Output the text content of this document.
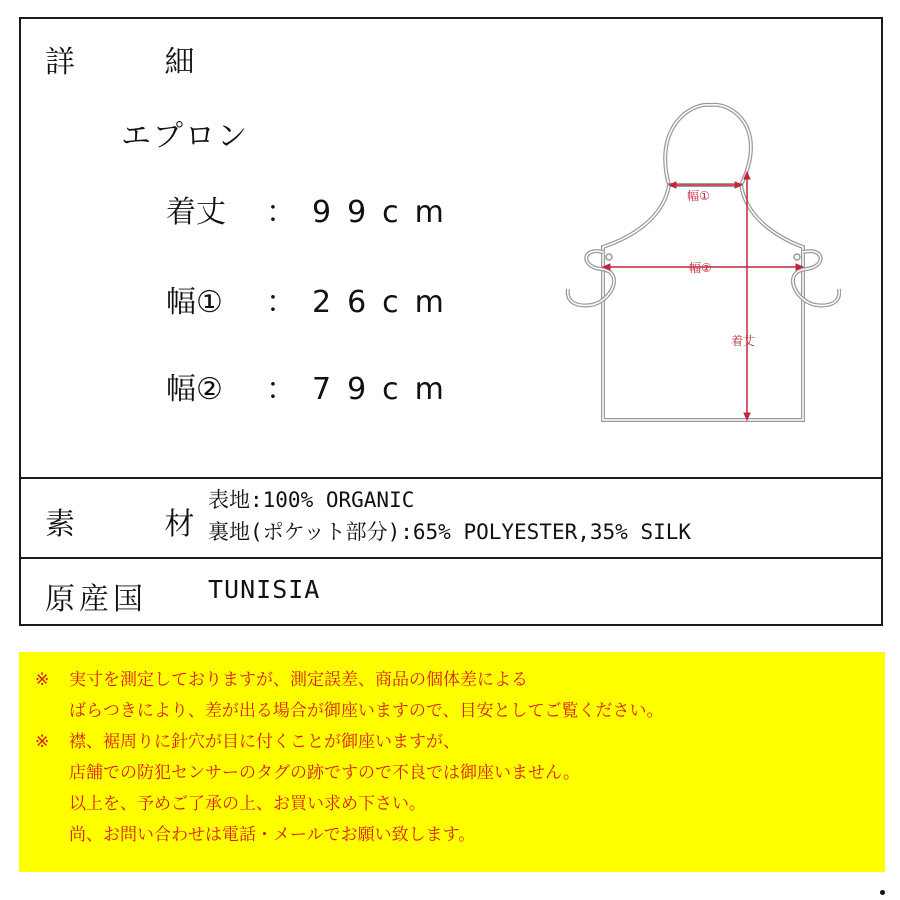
詳 細
エプロン
着丈 ：99cm
幅① ：26cm
幅② ：79cm
幅①
幅②
着丈
素 材
表地:100% ORGANIC
裏地(ポケット部分):65% POLYESTER,35% SILK
原産国 TUNISIA
※ 実寸を測定しておりますが、測定誤差、商品の個体差による
ばらつきにより、差が出る場合が御座いますので、目安としてご覧ください。
※ 襟、裾周りに針穴が目に付くことが御座いますが、
店舗での防犯センサーのタグの跡ですので不良では御座いません。
以上を、予めご了承の上、お買い求め下さい。
尚、お問い合わせは電話・メールでお願い致します。
